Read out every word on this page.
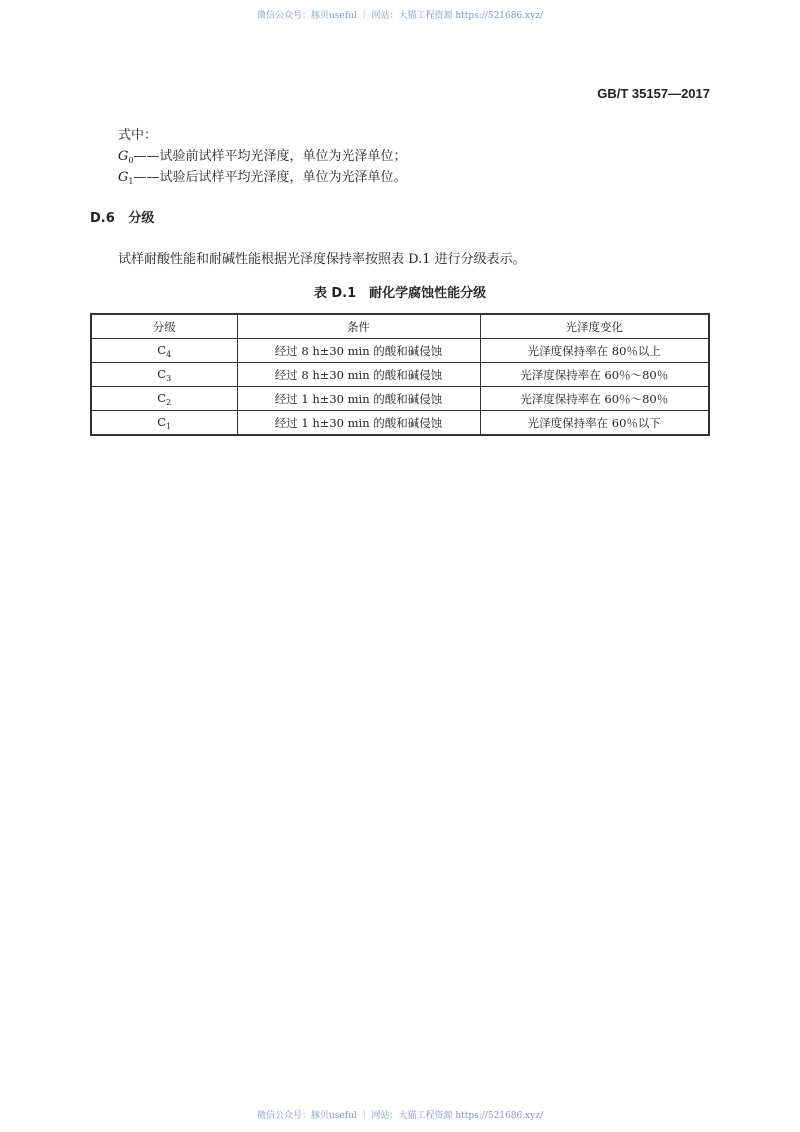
微信公众号：豚贝useful ｜ 网站：大猫工程资源 https://521686.xyz/
GB/T 35157—2017
式中：
$G_0——$试验前试样平均光泽度，单位为光泽单位；
$G_1——$试验后试样平均光泽度，单位为光泽单位。
D.6 分级
试样耐酸性能和耐碱性能根据光泽度保持率按照表 D.1 进行分级表示。
表 D.1　耐化学腐蚀性能分级
分级	条件	光泽度变化
$C_4$	经过 8 h±30 min 的酸和碱侵蚀	光泽度保持率在 80％以上
$C_3$	经过 8 h±30 min 的酸和碱侵蚀	光泽度保持率在 60％～80％
$C_2$	经过 1 h±30 min 的酸和碱侵蚀	光泽度保持率在 60％～80％
$C_1$	经过 1 h±30 min 的酸和碱侵蚀	光泽度保持率在 60％以下
微信公众号：豚贝useful ｜ 网站：大猫工程资源 https://521686.xyz/
